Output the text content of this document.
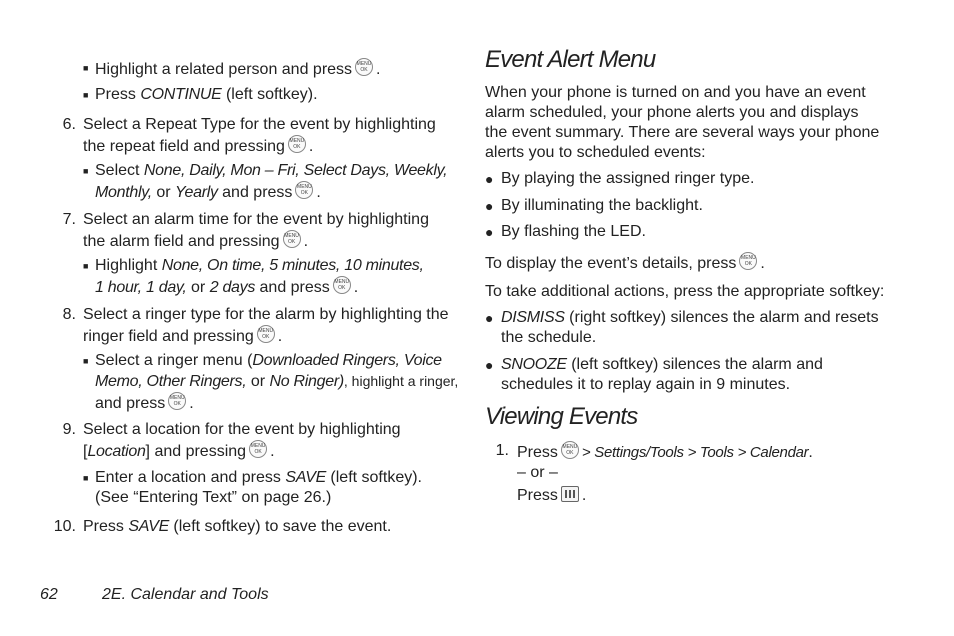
■ Highlight a related person and press MENU OK .
■ Press CONTINUE (left softkey).
6. Select a Repeat Type for the event by highlighting
the repeat field and pressing MENU OK .
■ Select None, Daily, Mon – Fri, Select Days, Weekly,
Monthly, or Yearly and press MENU OK .
7. Select an alarm time for the event by highlighting
the alarm field and pressing MENU OK .
■ Highlight None, On time, 5 minutes, 10 minutes,
1 hour, 1 day, or 2 days and press MENU OK .
8. Select a ringer type for the alarm by highlighting the
ringer field and pressing MENU OK .
■ Select a ringer menu (Downloaded Ringers, Voice
Memo, Other Ringers, or No Ringer), highlight a ringer,
and press MENU OK .
9. Select a location for the event by highlighting
[Location] and pressing MENU OK .
■ Enter a location and press SAVE (left softkey).
(See “Entering Text” on page 26.)
10. Press SAVE (left softkey) to save the event.
Event Alert Menu
When your phone is turned on and you have an event
alarm scheduled, your phone alerts you and displays
the event summary. There are several ways your phone
alerts you to scheduled events:
● By playing the assigned ringer type.
● By illuminating the backlight.
● By flashing the LED.
To display the event’s details, press MENU OK .
To take additional actions, press the appropriate softkey:
● DISMISS (right softkey) silences the alarm and resets
the schedule.
● SNOOZE (left softkey) silences the alarm and
schedules it to replay again in 9 minutes.
Viewing Events
1. Press MENU OK > Settings/Tools > Tools > Calendar.
– or –
Press .
62	2E. Calendar and Tools
